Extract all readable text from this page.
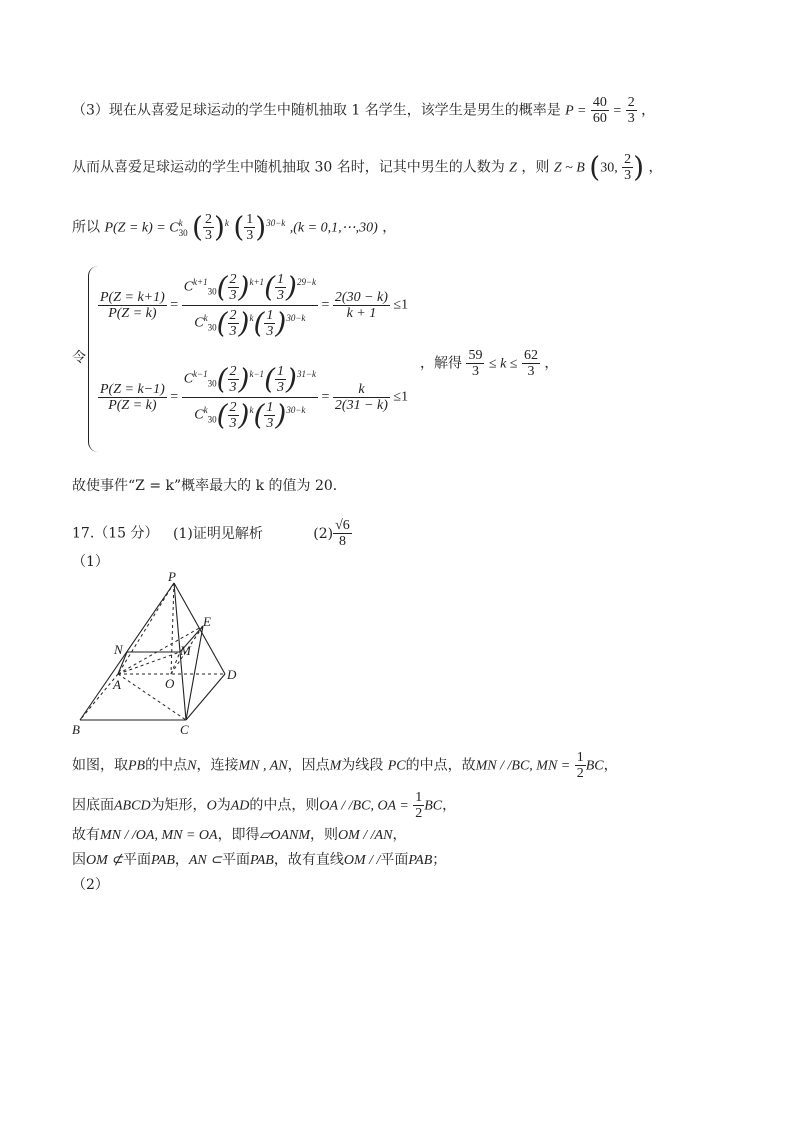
（3）现在从喜爱足球运动的学生中随机抽取 1 名学生，该学生是男生的概率是 $P = \frac{40}{60} = \frac{2}{3}$ ，
从而从喜爱足球运动的学生中随机抽取 30 名时，记其中男生的人数为 Z ，则 Z ~ B (30, $\frac{2}{3}$ ) ，
所以 P(Z = k) = C k
30 ( $\frac{2}{3} )^k$ ( $\frac{1}{3} )^{30-k}$ ,(k = 0,1,⋯,30) ，
令
$\frac{P(Z = k+1)}{P(Z = k)} = \frac{C^{k+1}_{30}( \frac{2}{3} )^{k+1}( \frac{1}{3} )^{29-k}}{C^k_{30}( \frac{2}{3} )^k( \frac{1}{3} )^{30-k}} = \frac{2(30 - k)}{k + 1} \le 1$
$\frac{P(Z = k-1)}{P(Z = k)} = \frac{C^{k-1}_{30}( \frac{2}{3} )^{k-1}( \frac{1}{3} )^{31-k}}{C^k_{30}( \frac{2}{3} )^k( \frac{1}{3} )^{30-k}} = \frac{k}{2(31 - k)} \le 1$
，解得 $\frac{59}{3} \le k \le \frac{62}{3}$ ，
故使事件“Z = k”概率最大的 k 的值为 20．
17.（15 分） (1)证明见解析	$(2) \frac{√6}{8}$
（1）
P
E
N	M
A	O
D
B	C
如图，取PB的中点N，连接MN , AN，因点M为线段 PC的中点，故MN / /BC, MN = $\frac{1}{2}$ BC，
因底面ABCD为矩形，O为AD的中点，则OA / /BC, OA = $\frac{1}{2}$ BC，
故有MN / /OA, MN = OA，即得▱OANM，则OM / /AN，
因OM ⊄平面PAB，AN ⊂平面PAB，故有直线OM / /平面PAB；
（2）
